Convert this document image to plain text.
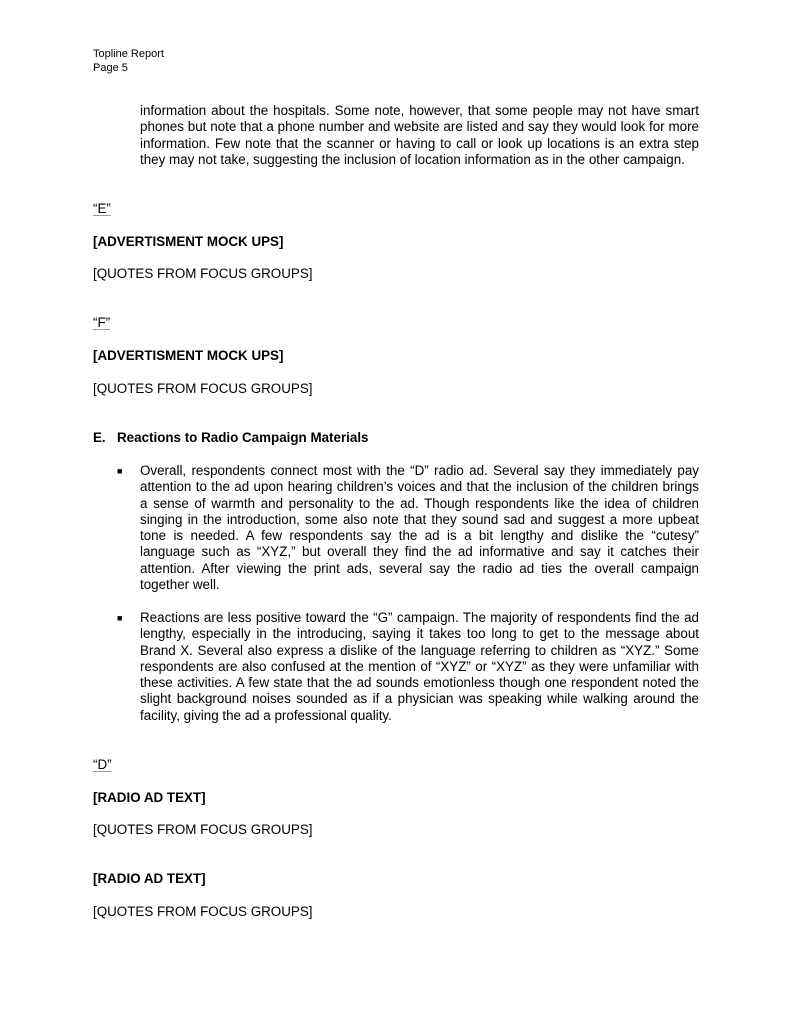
Topline Report
Page 5
information about the hospitals. Some note, however, that some people may not have smart phones but note that a phone number and website are listed and say they would look for more information. Few note that the scanner or having to call or look up locations is an extra step they may not take, suggesting the inclusion of location information as in the other campaign.
“E”
[ADVERTISMENT MOCK UPS]
[QUOTES FROM FOCUS GROUPS]
“F”
[ADVERTISMENT MOCK UPS]
[QUOTES FROM FOCUS GROUPS]
E. Reactions to Radio Campaign Materials
■ Overall, respondents connect most with the “D” radio ad. Several say they immediately pay attention to the ad upon hearing children’s voices and that the inclusion of the children brings a sense of warmth and personality to the ad. Though respondents like the idea of children singing in the introduction, some also note that they sound sad and suggest a more upbeat tone is needed. A few respondents say the ad is a bit lengthy and dislike the “cutesy” language such as “XYZ,” but overall they find the ad informative and say it catches their attention. After viewing the print ads, several say the radio ad ties the overall campaign together well.
■ Reactions are less positive toward the “G” campaign. The majority of respondents find the ad lengthy, especially in the introducing, saying it takes too long to get to the message about Brand X. Several also express a dislike of the language referring to children as “XYZ.” Some respondents are also confused at the mention of “XYZ” or “XYZ” as they were unfamiliar with these activities. A few state that the ad sounds emotionless though one respondent noted the slight background noises sounded as if a physician was speaking while walking around the facility, giving the ad a professional quality.
“D”
[RADIO AD TEXT]
[QUOTES FROM FOCUS GROUPS]
[RADIO AD TEXT]
[QUOTES FROM FOCUS GROUPS]
